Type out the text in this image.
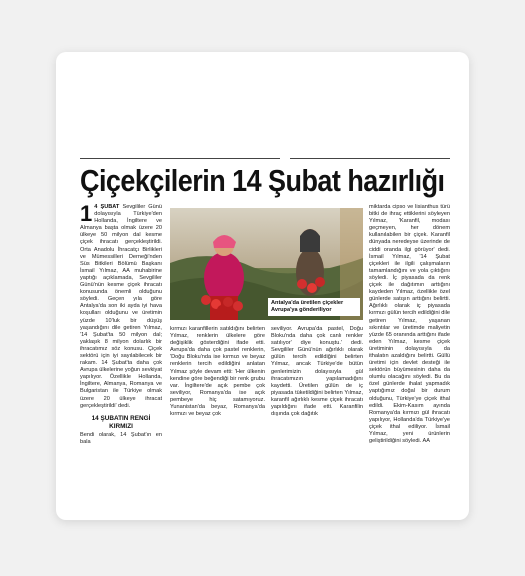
Çiçekçilerin 14 Şubat hazırlığı
1 4 ŞUBAT Sevgililer Günü dolayısıyla Türkiye'den Hollanda, İngiltere ve Almanya başta olmak üzere 20 ülkeye 50 milyon dal kesme çiçek ihracatı gerçekleştirildi. Orta Anadolu İhracatçı Birlikleri ve Mümessilleri Derneği'nden Süs Bitkileri Bölümü Başkanı İsmail Yılmaz, AA muhabirine yaptığı açıklamada, Sevgililer Günü'nün kesme çiçek ihracatı konusunda önemli olduğunu söyledi. Geçen yıla göre Antalya'da son iki ayda iyi hava koşulları olduğunu ve üretimin yüzde 10'luk bir düşüş yaşandığını dile getiren Yılmaz, '14 Şubat'ta 50 milyon dal; yaklaşık 8 milyon dolarlık bir ihracatımız söz konusu. Çiçek sektörü için iyi sayılabilecek bir rakam. 14 Şubat'ta daha çok Avrupa ülkelerine yoğun sevkiyat yapılıyor. Özellikle Hollanda, İngiltere, Almanya, Romanya ve Bulgaristan ile Türkiye olmak üzere 20 ülkeye ihracat gerçekleştirildi' dedi.
14 ŞUBATIN RENGİ KIRMIZI
Bendi olarak, 14 Şubat'ın en bala
Antalya'da üretilen çiçekler Avrupa'ya gönderiliyor
kırmızı karanfillerin satıldığını belirten Yılmaz, renklerin ülkelere göre değişiklik gösterdiğini ifade etti. Avrupa'da daha çok pastel renklerin, 'Doğu Bloku'nda ise kırmızı ve beyaz renklerin tercih edildiğini anlatan Yılmaz şöyle devam etti: 'Her ülkenin kendine göre beğendiği bir renk grubu var. İngiltere'de açık pembe çok seviliyor, Romanya'da ise açık pembeye hiç satamıyoruz. Yunanistan'da beyaz, Romanya'da kırmızı ve beyaz çok
seviliyor. Avrupa'da pastel, Doğu Bloku'nda daha çok canlı renkler satılıyor' diye konuştu.' dedi. Sevgililer Günü'nün ağırlıklı olarak gülün tercih edildiğini belirten Yılmaz, ancak Türkiye'de bütün genlerimizin dolayısıyla gül ihracatımızın yapılamadığını kaydetti. Üretilen gülün de iç piyasada tüketildiğini belirten Yılmaz, karanfil ağırlıklı kesme çiçek ihracatı yapıldığını ifade etti. Karanfilin dışında çok dağıtık
miktarda cipso ve lisianthus türü bitki de ihraç ettiklerini söyleyen Yılmaz, 'Karanfil, modası geçmeyen, her dönem kullanılabilen bir çiçek. Karanfil dünyada neredeyse üzerinde de ciddi oranda ilgi görüyor' dedi. İsmail Yılmaz, '14 Şubat çiçekleri ile ilgili çalışmaların tamamlandığını ve yola çıktığını söyledi. İç piyasada da renk çiçek ile dağıtımın arttığını kaydeden Yılmaz, özellikle özel günlerde satışın arttığını belirtti. Ağırlıklı olarak iç piyasada kırmızı gülün tercih edildiğini dile getiren Yılmaz, yaşanan sıkıntılar ve üretimde maliyetin yüzde 65 oranında arttığını ifade eden Yılmaz, kesme çiçek üretiminin dolayısıyla da ithalatın azaldığını belirtti. Güllü üretimi için devlet desteği ile sektörün büyümesinin daha da olumlu olacağını söyledi. Bu da özel günlerde ihalat yapmadık yaptığımız doğal bir durum olduğunu, Türkiye'ye çiçek ithal edildi. Ekim-Kasım ayında Romanya'da kırmızı gül ihracatı yapılıyor, Hollanda'da Türkiye'ye çiçek ithal ediliyor. İsmail Yılmaz, yeni ürünlerin geliştirildiğini söyledi. AA
